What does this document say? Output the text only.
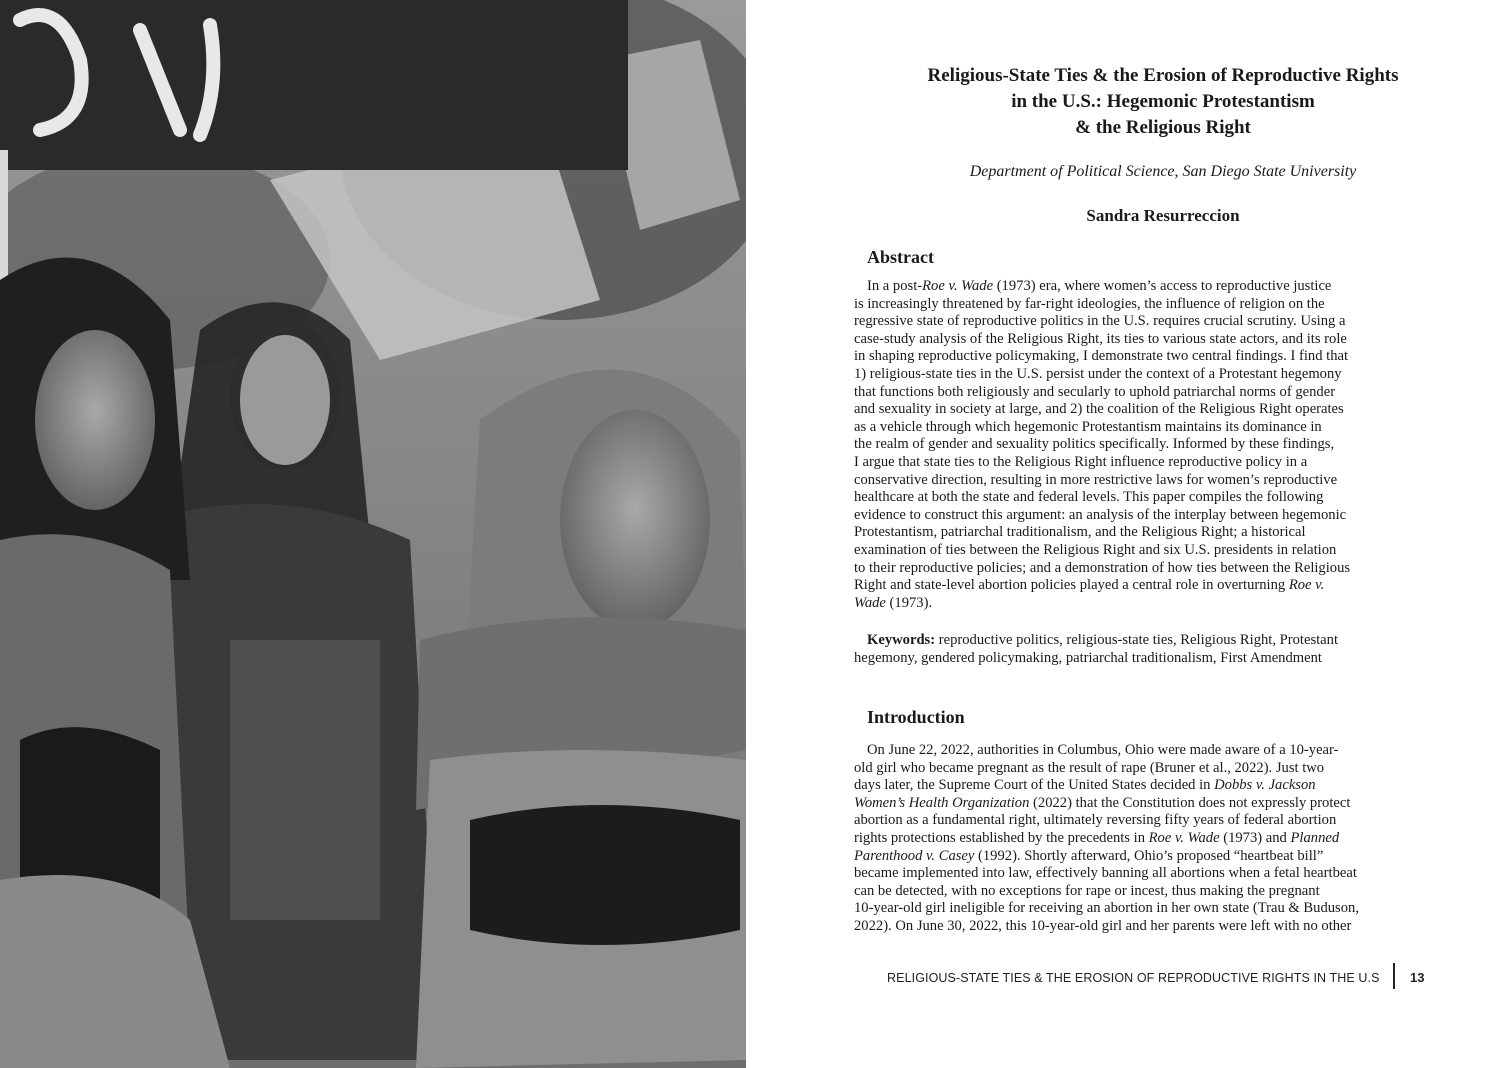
Religious-State Ties & the Erosion of Reproductive Rights
in the U.S.: Hegemonic Protestantism
& the Religious Right
Department of Political Science, San Diego State University
Sandra Resurreccion
Abstract

In a post-Roe v. Wade (1973) era, where women’s access to reproductive justice
is increasingly threatened by far-right ideologies, the influence of religion on the
regressive state of reproductive politics in the U.S. requires crucial scrutiny. Using a
case-study analysis of the Religious Right, its ties to various state actors, and its role
in shaping reproductive policymaking, I demonstrate two central findings. I find that
1) religious-state ties in the U.S. persist under the context of a Protestant hegemony
that functions both religiously and secularly to uphold patriarchal norms of gender
and sexuality in society at large, and 2) the coalition of the Religious Right operates
as a vehicle through which hegemonic Protestantism maintains its dominance in
the realm of gender and sexuality politics specifically. Informed by these findings,
I argue that state ties to the Religious Right influence reproductive policy in a
conservative direction, resulting in more restrictive laws for women’s reproductive
healthcare at both the state and federal levels. This paper compiles the following
evidence to construct this argument: an analysis of the interplay between hegemonic
Protestantism, patriarchal traditionalism, and the Religious Right; a historical
examination of ties between the Religious Right and six U.S. presidents in relation
to their reproductive policies; and a demonstration of how ties between the Religious
Right and state-level abortion policies played a central role in overturning Roe v.
Wade (1973).

Keywords: reproductive politics, religious-state ties, Religious Right, Protestant
hegemony, gendered policymaking, patriarchal traditionalism, First Amendment

Introduction

On June 22, 2022, authorities in Columbus, Ohio were made aware of a 10-year-
old girl who became pregnant as the result of rape (Bruner et al., 2022). Just two
days later, the Supreme Court of the United States decided in Dobbs v. Jackson
Women’s Health Organization (2022) that the Constitution does not expressly protect
abortion as a fundamental right, ultimately reversing fifty years of federal abortion
rights protections established by the precedents in Roe v. Wade (1973) and Planned
Parenthood v. Casey (1992). Shortly afterward, Ohio’s proposed “heartbeat bill”
became implemented into law, effectively banning all abortions when a fetal heartbeat
can be detected, with no exceptions for rape or incest, thus making the pregnant
10-year-old girl ineligible for receiving an abortion in her own state (Trau & Buduson,
2022). On June 30, 2022, this 10-year-old girl and her parents were left with no other

RELIGIOUS-STATE TIES & THE EROSION OF REPRODUCTIVE RIGHTS IN THE U.S	13
